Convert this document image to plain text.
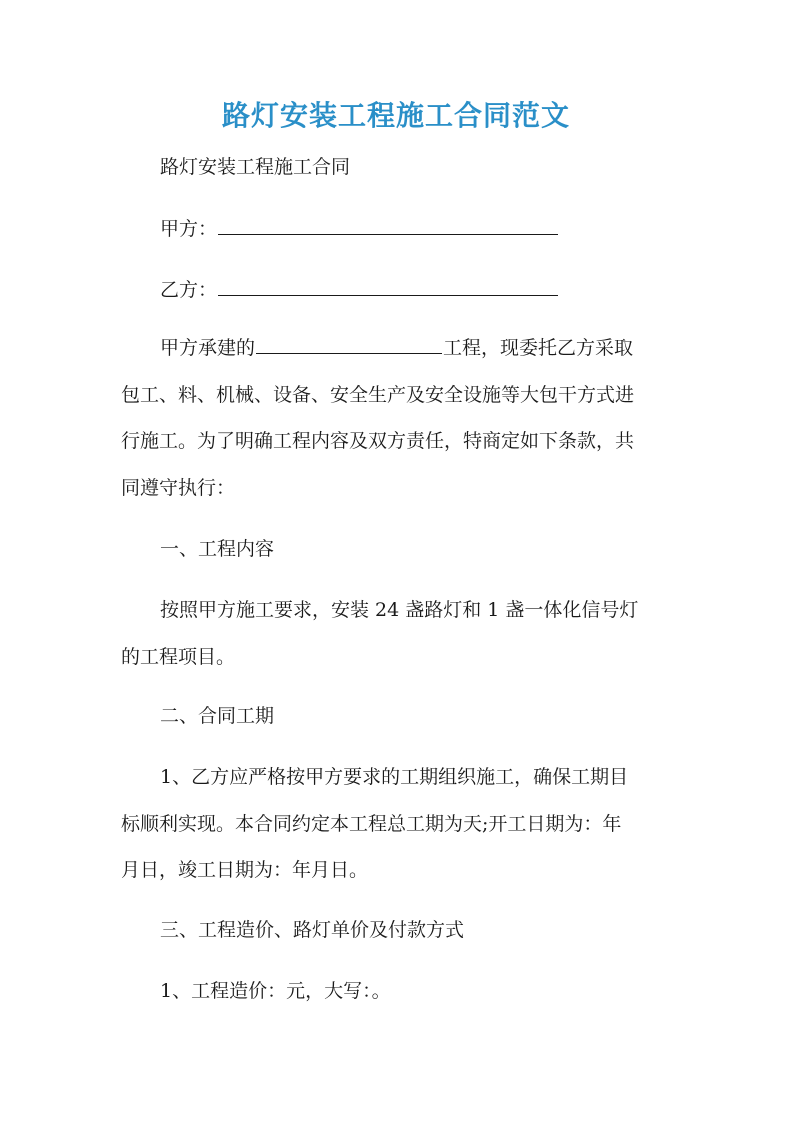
路灯安装工程施工合同范文
路灯安装工程施工合同
甲方：
乙方：
甲方承建的	工程，现委托乙方采取
包工、料、机械、设备、安全生产及安全设施等大包干方式进
行施工。为了明确工程内容及双方责任，特商定如下条款，共
同遵守执行：
一、工程内容
按照甲方施工要求，安装 24 盏路灯和 1 盏一体化信号灯
的工程项目。
二、合同工期
1、乙方应严格按甲方要求的工期组织施工，确保工期目
标顺利实现。本合同约定本工程总工期为天;开工日期为：年
月日，竣工日期为：年月日。
三、工程造价、路灯单价及付款方式
1、工程造价：元，大写：。
